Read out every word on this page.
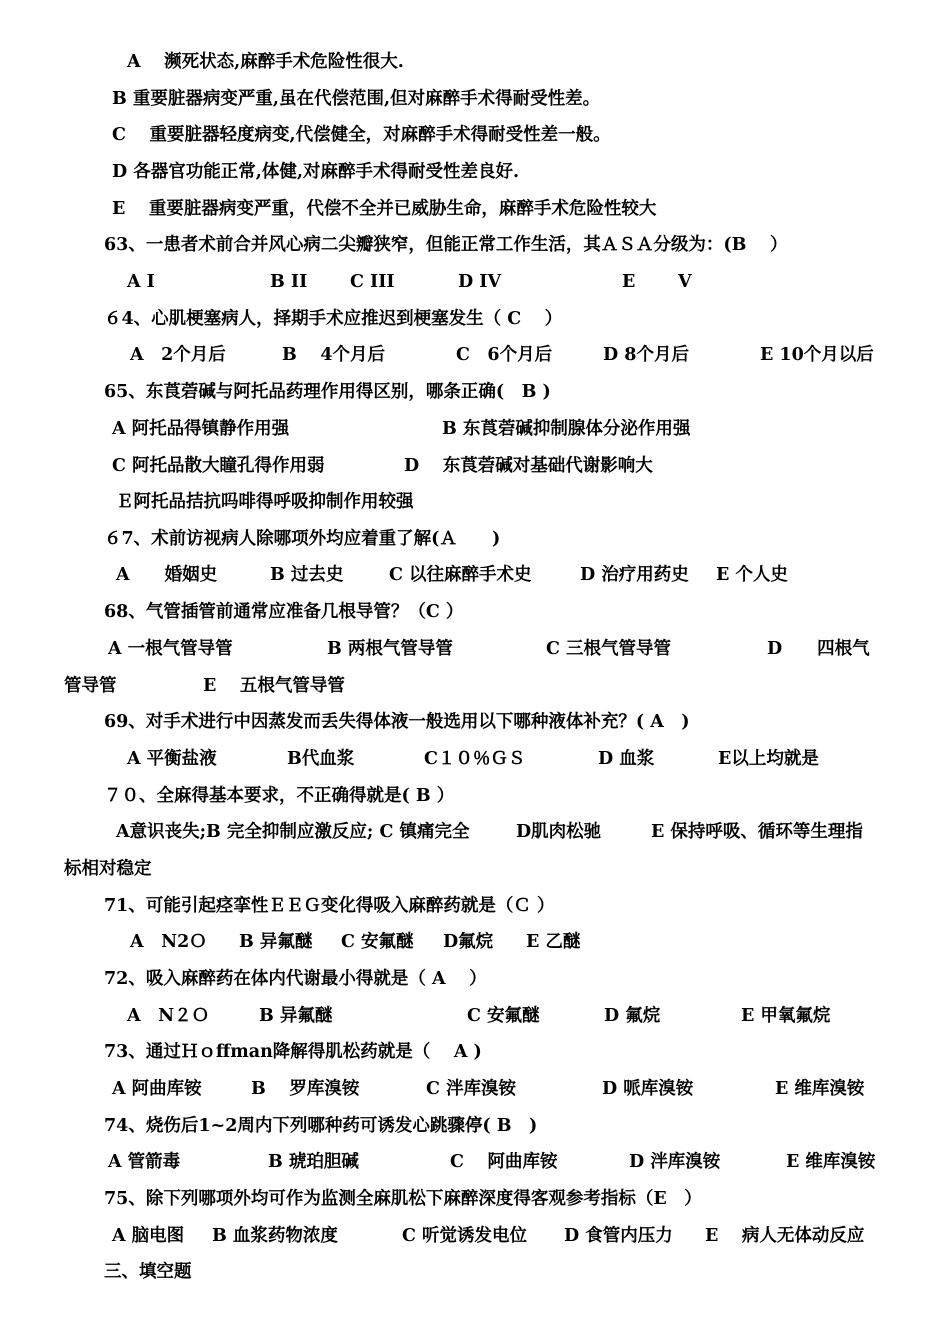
A　 濒死状态,麻醉手术危险性很大.
B 重要脏器病变严重,虽在代偿范围,但对麻醉手术得耐受性差。
C　 重要脏器轻度病变,代偿健全，对麻醉手术得耐受性差一般。
D 各器官功能正常,体健,对麻醉手术得耐受性差良好.
E　 重要脏器病变严重，代偿不全并已威胁生命，麻醉手术危险性较大
63、一患者术前合并风心病二尖瓣狭窄，但能正常工作生活，其ＡＳＡ分级为：(B　 ）
A Ⅰ	B II C III	D ⅠV	E V
６4、心肌梗塞病人，择期手术应推迟到梗塞发生（ C　 ）
A　2个月后	B　 4个月后	C　6个月后	D 8个月后	E 10个月以后
65、东莨菪碱与阿托品药理作用得区别，哪条正确(　B )
A 阿托品得镇静作用强	B 东莨菪碱抑制腺体分泌作用强
C 阿托品散大瞳孔得作用弱	D　 东莨菪碱对基础代谢影响大
Ｅ阿托品拮抗吗啡得呼吸抑制作用较强
６7、术前访视病人除哪项外均应着重了解(Ａ　　)
A　　婚姻史	B 过去史	C 以往麻醉手术史	D 治疗用药史 E 个人史
68、气管插管前通常应准备几根导管？（C ）
A 一根气管导管	B 两根气管导管	C 三根气管导管	D　　四根气
管导管	E　 五根气管导管
69、对手术进行中因蒸发而丢失得体液一般选用以下哪种液体补充？( A　)
A 平衡盐液	B代血浆	C１０％ＧＳ	D 血浆	E以上均就是
７０、全麻得基本要求，不正确得就是( B ）
A意识丧失;B 完全抑制应激反应; C 镇痛完全	D肌肉松驰	E 保持呼吸、循环等生理指
标相对稳定
71、可能引起痉挛性ＥＥＧ变化得吸入麻醉药就是（Ｃ ）
A　N2Ｏ B 异氟醚 C 安氟醚 D氟烷 E 乙醚
72、吸入麻醉药在体内代谢最小得就是（ A　 ）
A　N２Ｏ	B 异氟醚	C 安氟醚	D 氟烷	E 甲氧氟烷
73、通过Ｈｏffman降解得肌松药就是（　 A )
A 阿曲库铵	B　 罗库溴铵	C 泮库溴铵	D 哌库溴铵	E 维库溴铵
74、烧伤后1~2周内下列哪种药可诱发心跳骤停( B　)
A 管箭毒	B 琥珀胆碱	C　 阿曲库铵	D 泮库溴铵	E 维库溴铵
75、除下列哪项外均可作为监测全麻肌松下麻醉深度得客观参考指标（E　）
A 脑电图 B 血浆药物浓度	C 听觉诱发电位 D 食管内压力 E　 病人无体动反应
三、填空题
